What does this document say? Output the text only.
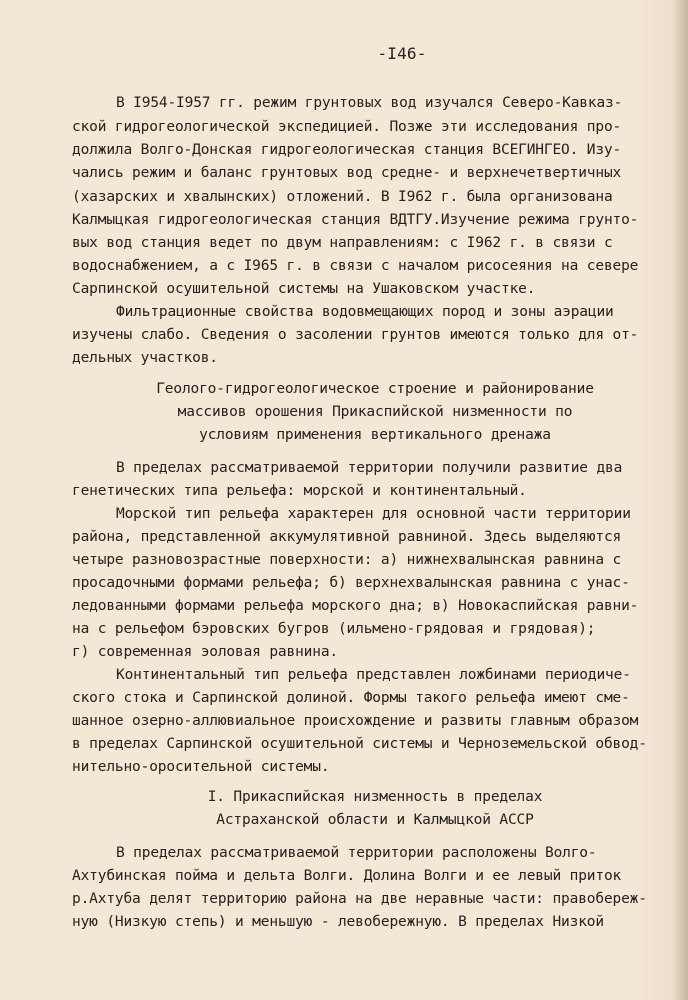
-I46-
В I954-I957 гг. режим грунтовых вод изучался Северо-Кавказ-
ской гидрогеологической экспедицией. Позже эти исследования про-
должила Волго-Донская гидрогеологическая станция ВСЕГИНГЕО. Изу-
чались режим и баланс грунтовых вод средне- и верхнечетвертичных
(хазарских и хвалынских) отложений. В I962 г. была организована
Калмыцкая гидрогеологическая станция ВДТГУ.Изучение режима грунто-
вых вод станция ведет по двум направлениям: с I962 г. в связи с
водоснабжением, а с I965 г. в связи с началом рисосеяния на севере
Сарпинской осушительной системы на Ушаковском участке.
Фильтрационные свойства водовмещающих пород и зоны аэрации
изучены слабо. Сведения о засолении грунтов имеются только для от-
дельных участков.
Геолого-гидрогеологическое строение и районирование
массивов орошения Прикаспийской низменности по
условиям применения вертикального дренажа
В пределах рассматриваемой территории получили развитие два
генетических типа рельефа: морской и континентальный.
Морской тип рельефа характерен для основной части территории
района, представленной аккумулятивной равниной. Здесь выделяются
четыре разновозрастные поверхности: а) нижнехвалынская равнина с
просадочными формами рельефа; б) верхнехвалынская равнина с унас-
ледованными формами рельефа морского дна; в) Новокаспийская равни-
на с рельефом бэровских бугров (ильмено-грядовая и грядовая);
г) современная эоловая равнина.
Континентальный тип рельефа представлен ложбинами периодиче-
ского стока и Сарпинской долиной. Формы такого рельефа имеют сме-
шанное озерно-аллювиальное происхождение и развиты главным образом
в пределах Сарпинской осушительной системы и Черноземельской обвод-
нительно-оросительной системы.
I. Прикаспийская низменность в пределах
Астраханской области и Калмыцкой АССР
В пределах рассматриваемой территории расположены Волго-
Ахтубинская пойма и дельта Волги. Долина Волги и ее левый приток
р.Ахтуба делят территорию района на две неравные части: правобереж-
ную (Низкую степь) и меньшую - левобережную. В пределах Низкой
